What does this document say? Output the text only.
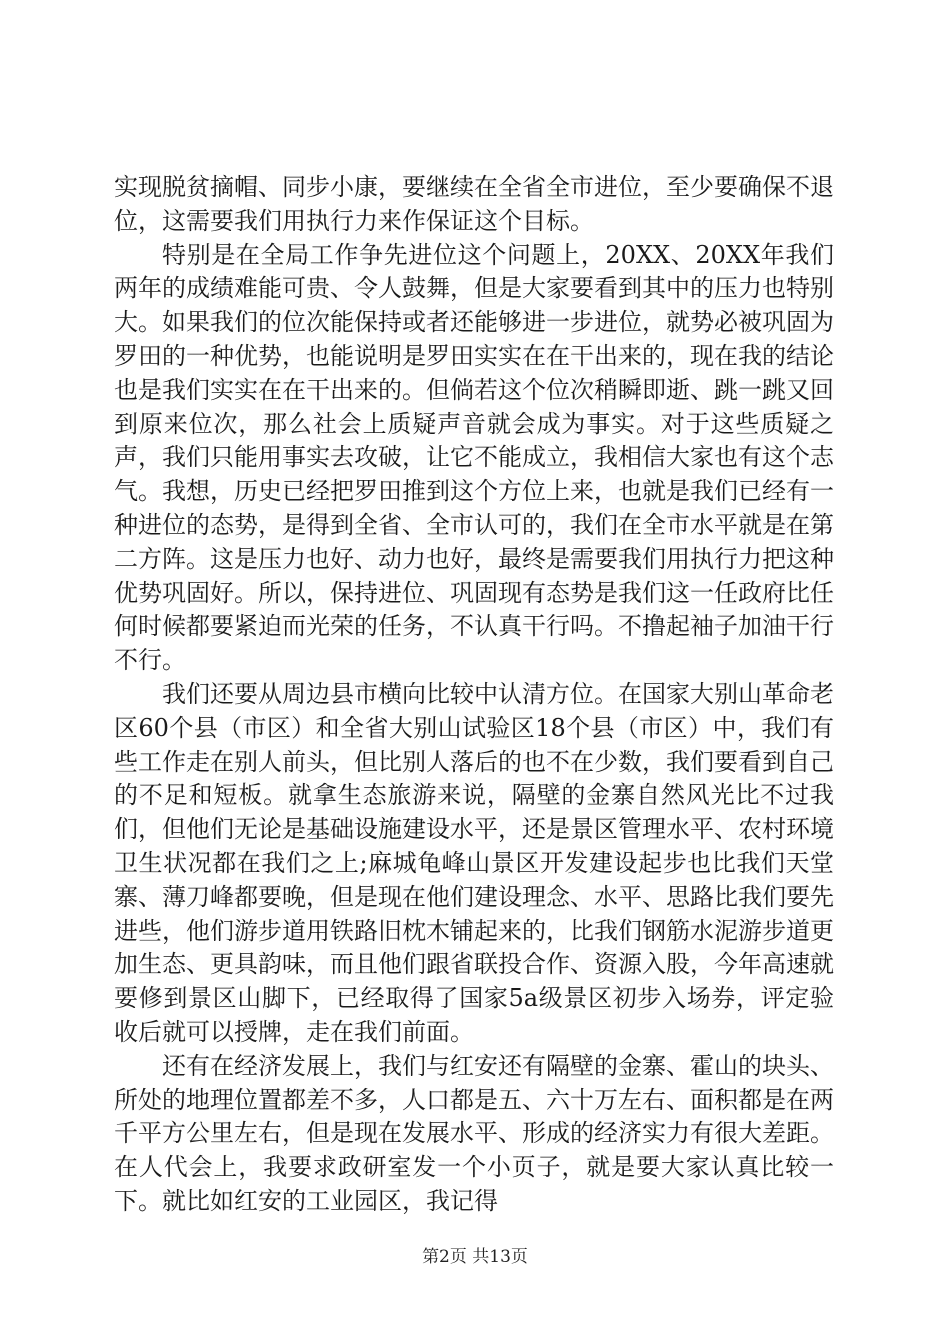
实现脱贫摘帽、同步小康，要继续在全省全市进位，至少要确保不退位，这需要我们用执行力来作保证这个目标。

特别是在全局工作争先进位这个问题上，20XX、20XX年我们两年的成绩难能可贵、令人鼓舞，但是大家要看到其中的压力也特别大。如果我们的位次能保持或者还能够进一步进位，就势必被巩固为罗田的一种优势，也能说明是罗田实实在在干出来的，现在我的结论也是我们实实在在干出来的。但倘若这个位次稍瞬即逝、跳一跳又回到原来位次，那么社会上质疑声音就会成为事实。对于这些质疑之声，我们只能用事实去攻破，让它不能成立，我相信大家也有这个志气。我想，历史已经把罗田推到这个方位上来，也就是我们已经有一种进位的态势，是得到全省、全市认可的，我们在全市水平就是在第二方阵。这是压力也好、动力也好，最终是需要我们用执行力把这种优势巩固好。所以，保持进位、巩固现有态势是我们这一任政府比任何时候都要紧迫而光荣的任务，不认真干行吗。不撸起袖子加油干行不行。

我们还要从周边县市横向比较中认清方位。在国家大别山革命老区60个县（市区）和全省大别山试验区18个县（市区）中，我们有些工作走在别人前头，但比别人落后的也不在少数，我们要看到自己的不足和短板。就拿生态旅游来说，隔壁的金寨自然风光比不过我们，但他们无论是基础设施建设水平，还是景区管理水平、农村环境卫生状况都在我们之上;麻城龟峰山景区开发建设起步也比我们天堂寨、薄刀峰都要晚，但是现在他们建设理念、水平、思路比我们要先进些，他们游步道用铁路旧枕木铺起来的，比我们钢筋水泥游步道更加生态、更具韵味，而且他们跟省联投合作、资源入股，今年高速就要修到景区山脚下，已经取得了国家5a级景区初步入场券，评定验收后就可以授牌，走在我们前面。

还有在经济发展上，我们与红安还有隔壁的金寨、霍山的块头、所处的地理位置都差不多，人口都是五、六十万左右、面积都是在两千平方公里左右，但是现在发展水平、形成的经济实力有很大差距。在人代会上，我要求政研室发一个小页子，就是要大家认真比较一下。就比如红安的工业园区，我记得

第2页 共13页
